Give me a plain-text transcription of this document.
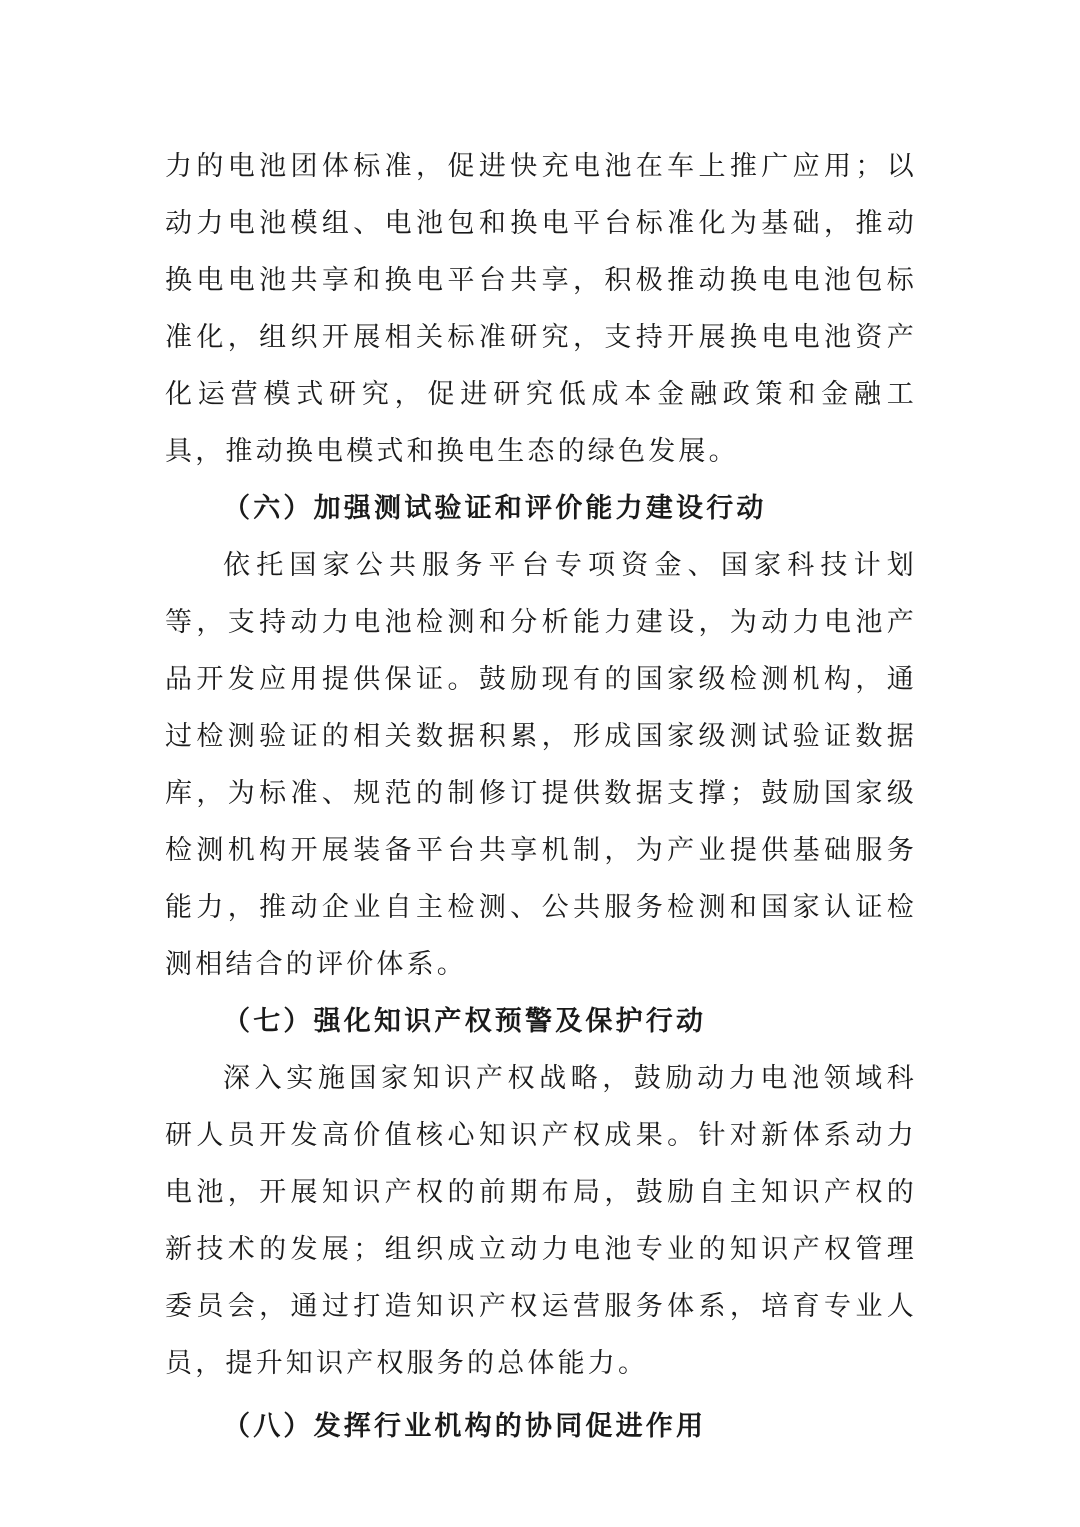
力的电池团体标准，促进快充电池在车上推广应用；以动力电池模组、电池包和换电平台标准化为基础，推动换电电池共享和换电平台共享，积极推动换电电池包标准化，组织开展相关标准研究，支持开展换电电池资产化运营模式研究，促进研究低成本金融政策和金融工具，推动换电模式和换电生态的绿色发展。

（六）加强测试验证和评价能力建设行动

依托国家公共服务平台专项资金、国家科技计划等，支持动力电池检测和分析能力建设，为动力电池产品开发应用提供保证。鼓励现有的国家级检测机构，通过检测验证的相关数据积累，形成国家级测试验证数据库，为标准、规范的制修订提供数据支撑；鼓励国家级检测机构开展装备平台共享机制，为产业提供基础服务能力，推动企业自主检测、公共服务检测和国家认证检测相结合的评价体系。

（七）强化知识产权预警及保护行动

深入实施国家知识产权战略，鼓励动力电池领域科研人员开发高价值核心知识产权成果。针对新体系动力电池，开展知识产权的前期布局，鼓励自主知识产权的新技术的发展；组织成立动力电池专业的知识产权管理委员会，通过打造知识产权运营服务体系，培育专业人员，提升知识产权服务的总体能力。

（八）发挥行业机构的协同促进作用
